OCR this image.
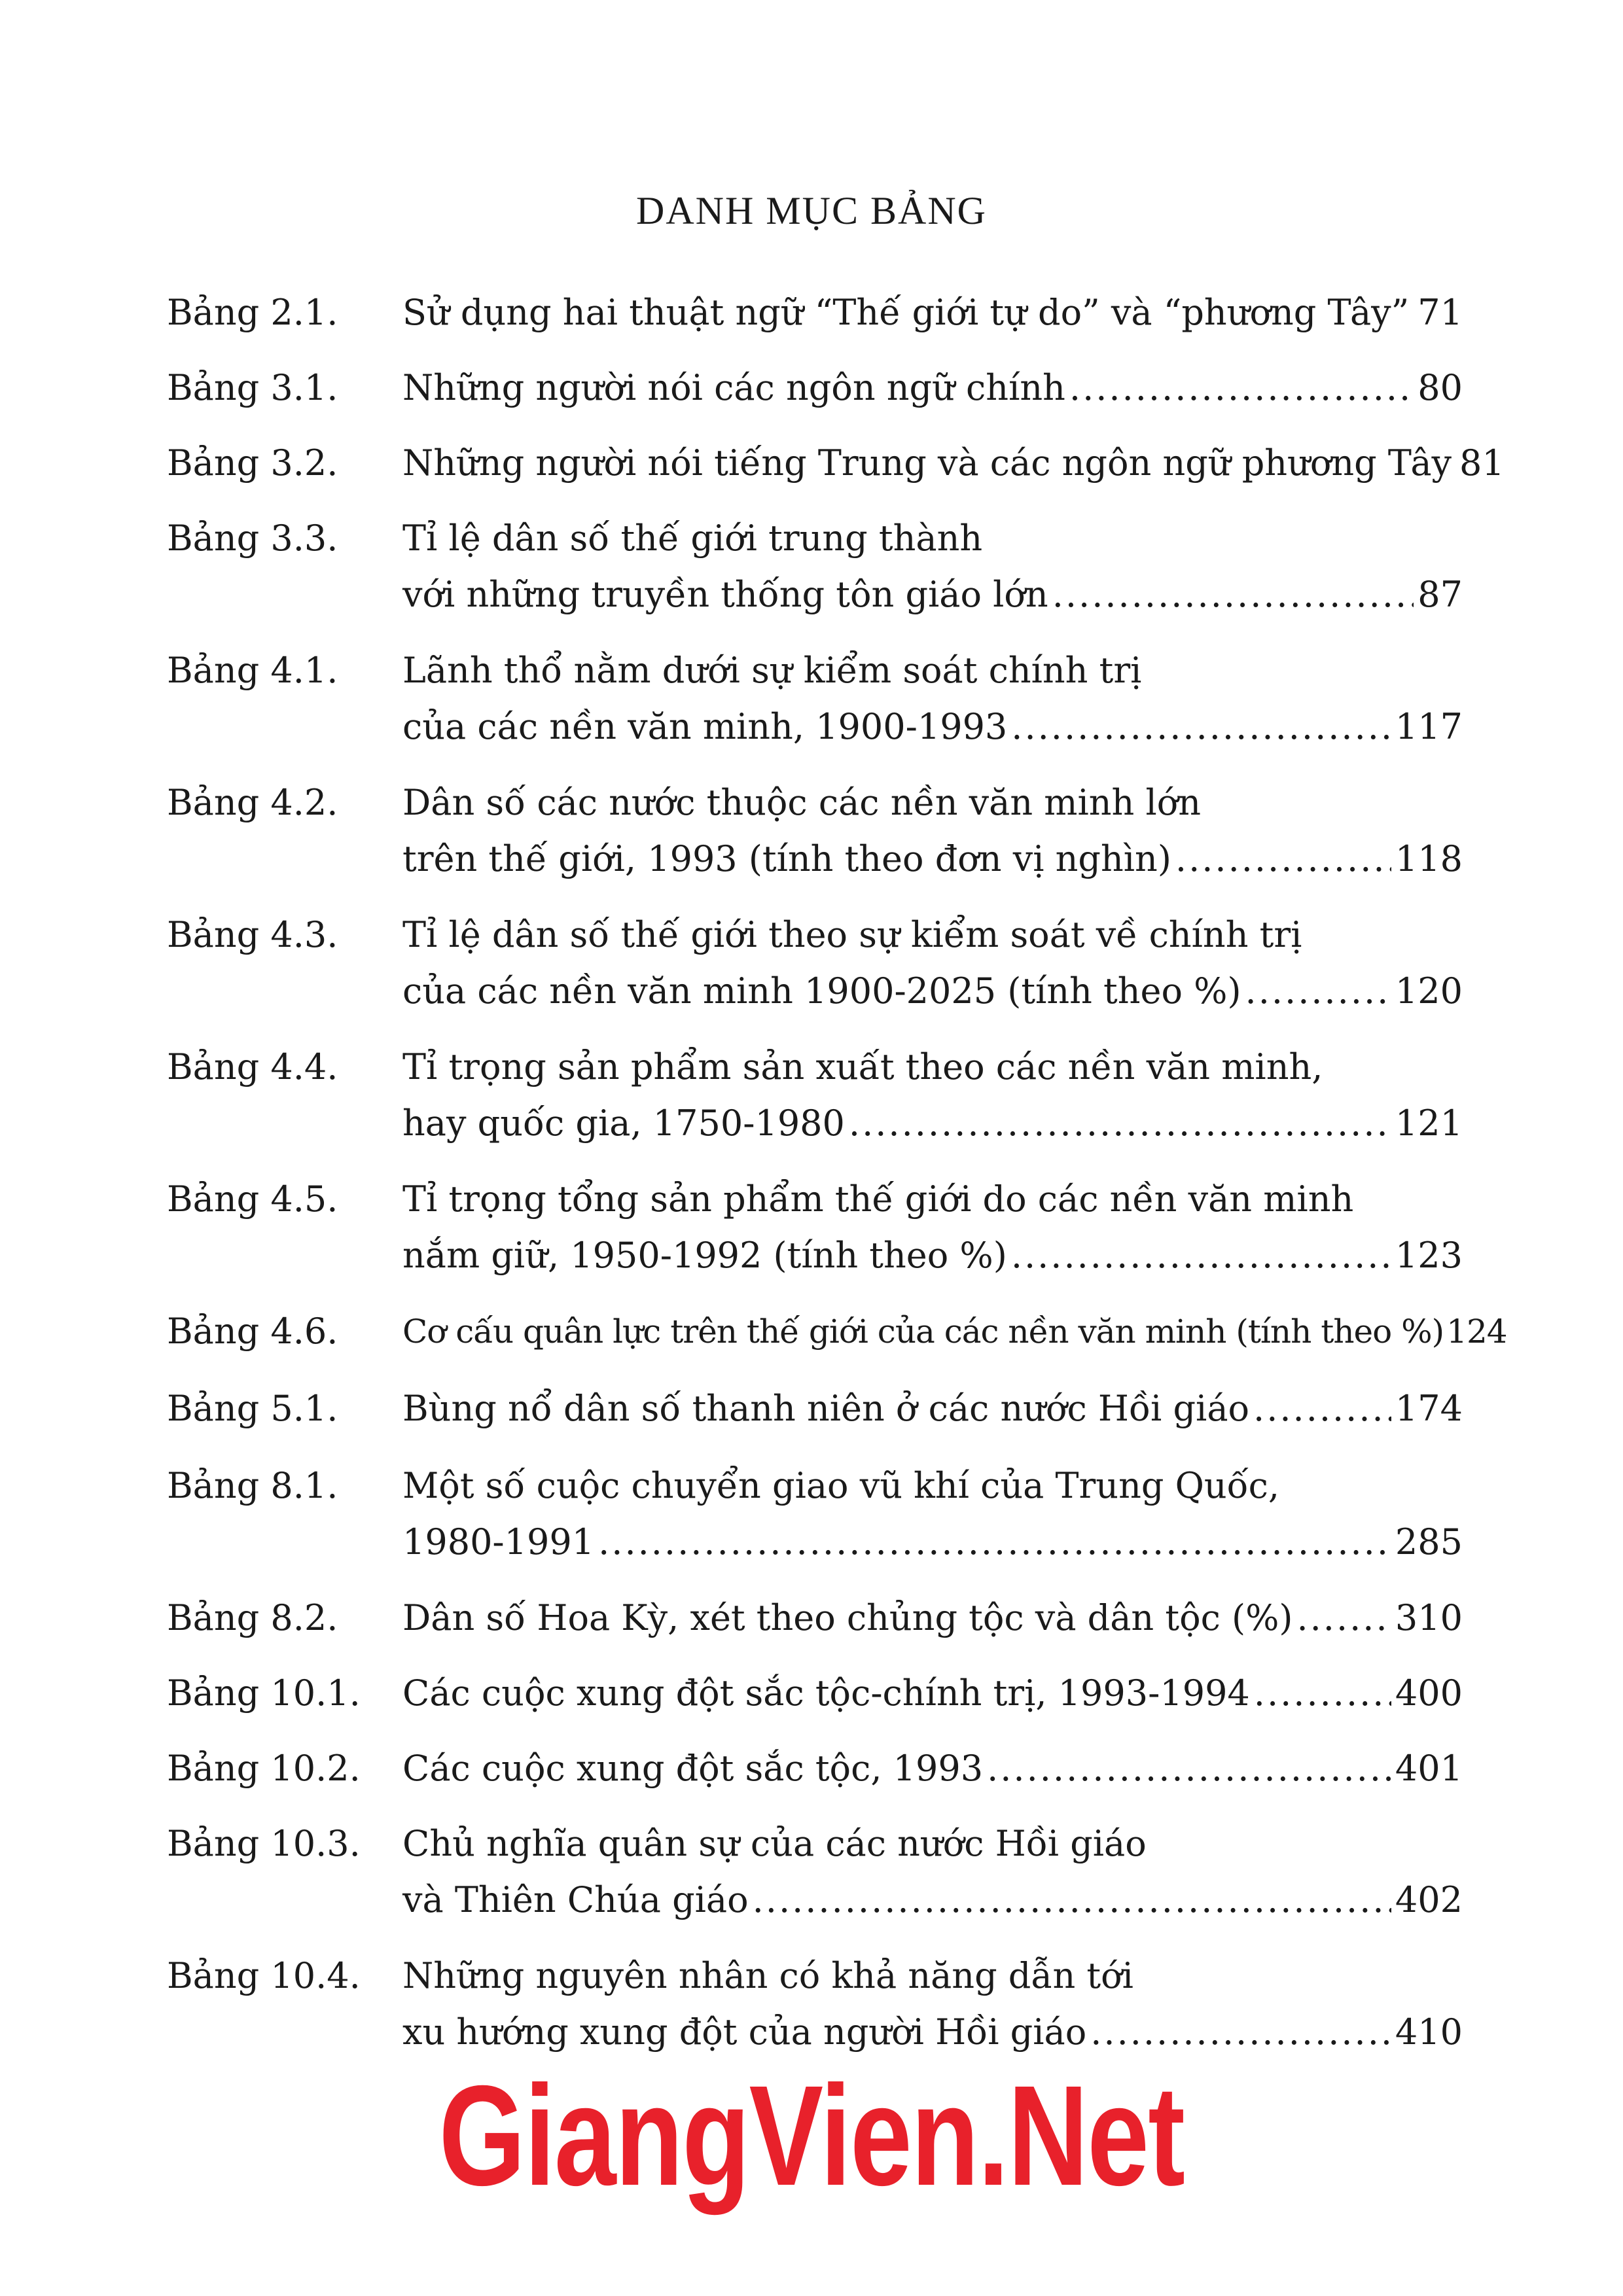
DANH MỤC BẢNG
Bảng 2.1. Sử dụng hai thuật ngữ “Thế giới tự do” và “phương Tây” ..... 71
Bảng 3.1. Những người nói các ngôn ngữ chính .....	80
Bảng 3.2. Những người nói tiếng Trung và các ngôn ngữ phương Tây 81
Bảng 3.3. Tỉ lệ dân số thế giới trung thành
với những truyền thống tôn giáo lớn .....	87
Bảng 4.1. Lãnh thổ nằm dưới sự kiểm soát chính trị
của các nền văn minh, 1900-1993 .....	117
Bảng 4.2. Dân số các nước thuộc các nền văn minh lớn
trên thế giới, 1993 (tính theo đơn vị nghìn) .....	118
Bảng 4.3. Tỉ lệ dân số thế giới theo sự kiểm soát về chính trị
của các nền văn minh 1900-2025 (tính theo %) .....	120
Bảng 4.4. Tỉ trọng sản phẩm sản xuất theo các nền văn minh,
hay quốc gia, 1750-1980 .....	121
Bảng 4.5. Tỉ trọng tổng sản phẩm thế giới do các nền văn minh
nắm giữ, 1950-1992 (tính theo %) .....	123
Bảng 4.6. Cơ cấu quân lực trên thế giới của các nền văn minh (tính theo %) 124
Bảng 5.1. Bùng nổ dân số thanh niên ở các nước Hồi giáo .....	174
Bảng 8.1. Một số cuộc chuyển giao vũ khí của Trung Quốc,
1980-1991 .....	285
Bảng 8.2. Dân số Hoa Kỳ, xét theo chủng tộc và dân tộc (%) .....	310
Bảng 10.1. Các cuộc xung đột sắc tộc-chính trị, 1993-1994 .....	400
Bảng 10.2. Các cuộc xung đột sắc tộc, 1993 .....	401
Bảng 10.3. Chủ nghĩa quân sự của các nước Hồi giáo
và Thiên Chúa giáo .....	402
Bảng 10.4. Những nguyên nhân có khả năng dẫn tới
xu hướng xung đột của người Hồi giáo .....	410
GiangVien.Net
